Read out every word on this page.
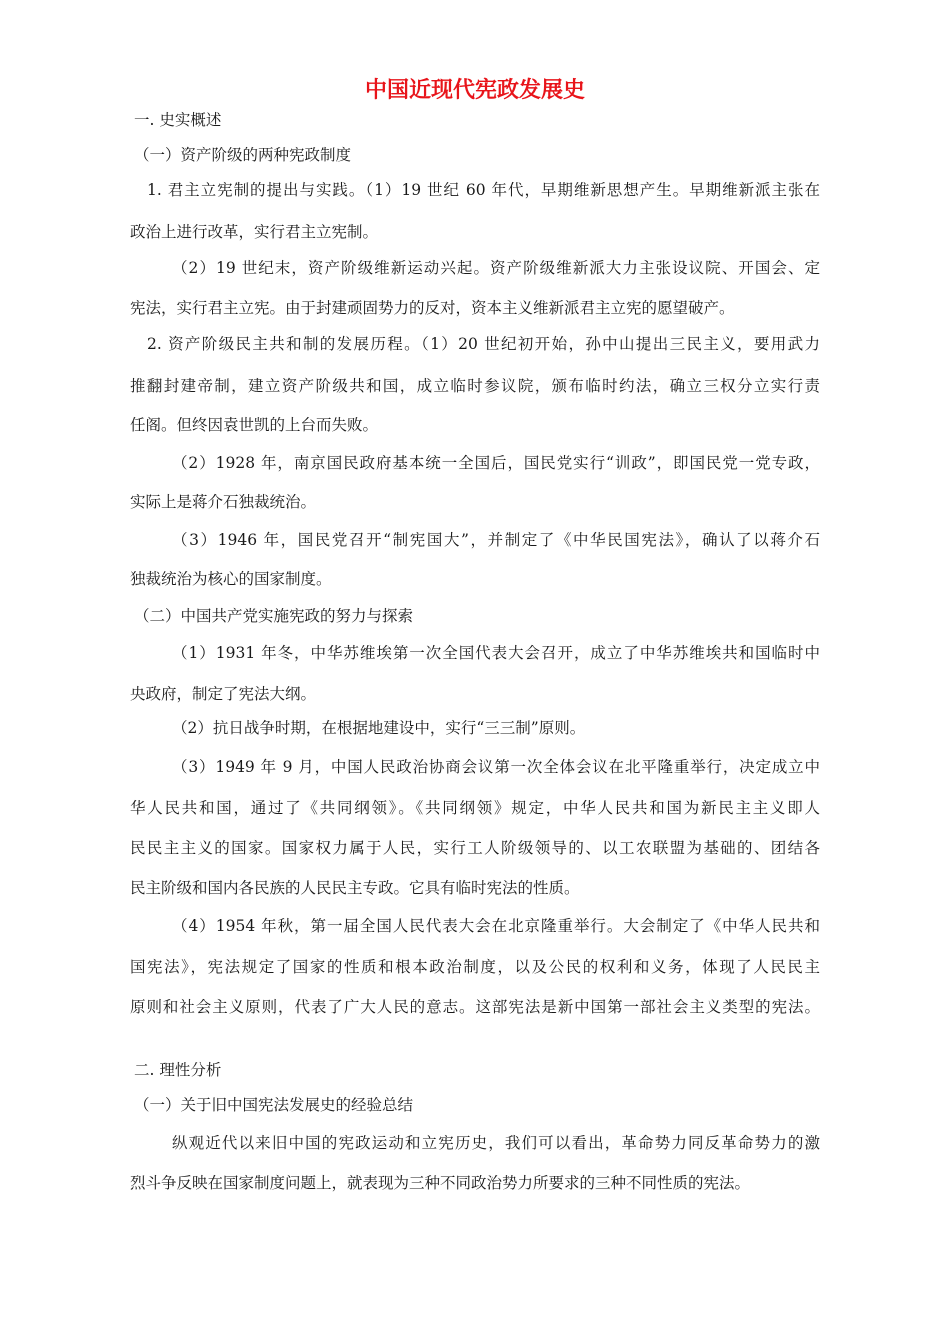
中国近现代宪政发展史
一. 史实概述
（一）资产阶级的两种宪政制度
1. 君主立宪制的提出与实践。（1）19 世纪 60 年代，早期维新思想产生。早期维新派主张在
政治上进行改革，实行君主立宪制。
（2）19 世纪末，资产阶级维新运动兴起。资产阶级维新派大力主张设议院、开国会、定
宪法，实行君主立宪。由于封建顽固势力的反对，资本主义维新派君主立宪的愿望破产。
2. 资产阶级民主共和制的发展历程。（1）20 世纪初开始，孙中山提出三民主义，要用武力
推翻封建帝制，建立资产阶级共和国，成立临时参议院，颁布临时约法，确立三权分立实行责
任阁。但终因袁世凯的上台而失败。
（2）1928 年，南京国民政府基本统一全国后，国民党实行“训政”，即国民党一党专政，
实际上是蒋介石独裁统治。
（3）1946 年，国民党召开“制宪国大”，并制定了《中华民国宪法》，确认了以蒋介石
独裁统治为核心的国家制度。
（二）中国共产党实施宪政的努力与探索
（1）1931 年冬，中华苏维埃第一次全国代表大会召开，成立了中华苏维埃共和国临时中
央政府，制定了宪法大纲。
（2）抗日战争时期，在根据地建设中，实行“三三制”原则。
（3）1949 年 9 月，中国人民政治协商会议第一次全体会议在北平隆重举行，决定成立中
华人民共和国，通过了《共同纲领》。《共同纲领》规定，中华人民共和国为新民主主义即人
民民主主义的国家。国家权力属于人民，实行工人阶级领导的、以工农联盟为基础的、团结各
民主阶级和国内各民族的人民民主专政。它具有临时宪法的性质。
（4）1954 年秋，第一届全国人民代表大会在北京隆重举行。大会制定了《中华人民共和
国宪法》，宪法规定了国家的性质和根本政治制度，以及公民的权利和义务，体现了人民民主
原则和社会主义原则，代表了广大人民的意志。这部宪法是新中国第一部社会主义类型的宪法。
二. 理性分析
（一）关于旧中国宪法发展史的经验总结
纵观近代以来旧中国的宪政运动和立宪历史，我们可以看出，革命势力同反革命势力的激
烈斗争反映在国家制度问题上，就表现为三种不同政治势力所要求的三种不同性质的宪法。
